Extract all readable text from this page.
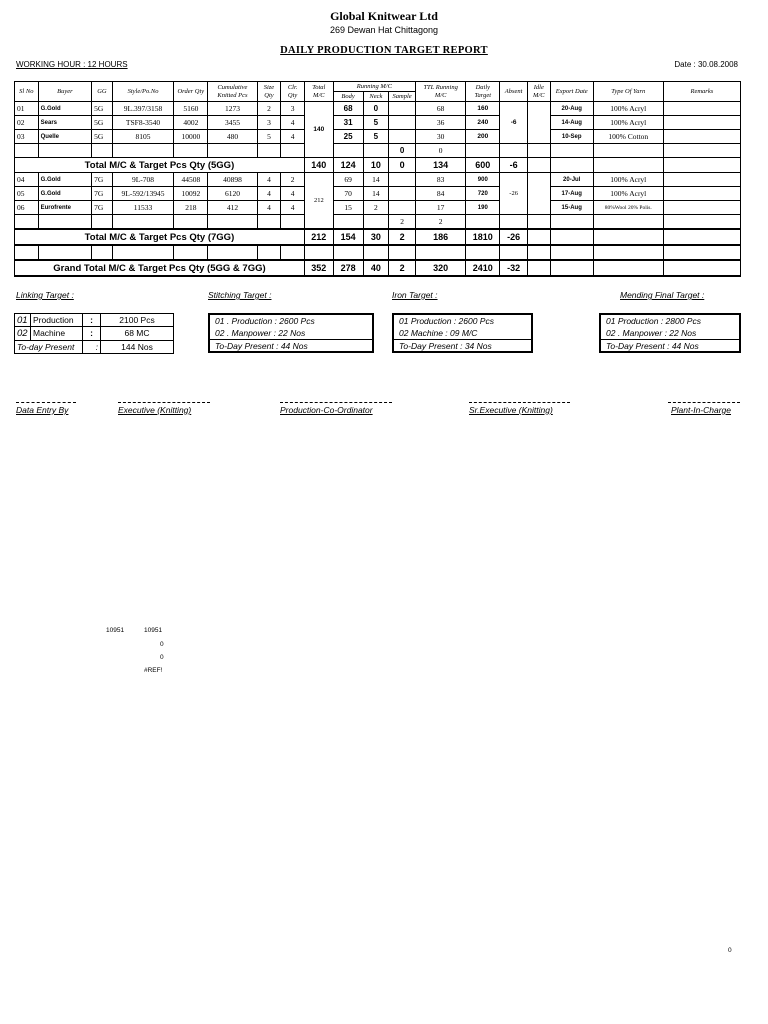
Global Knitwear Ltd
269 Dewan Hat Chittagong
DAILY PRODUCTION TARGET REPORT
WORKING HOUR : 12 HOURS	Date : 30.08.2008
Sl No	Buyer	GG	Style/Po.No	Order Qty	Cumulative Knitted Pcs	Size Qty	Clr. Qty	Total M/C	Running M/C			TTL Running M/C	Daily Target	Absent	Idle M/C	Export Date	Type Of Yarn	Remarks
									Body	Neck	Sample							
01	G.Gold	5G	9L.397/3158	5160	1273	2	3	140	68	0		68	160	-6		20-Aug	100% Acryl	
02	Sears	5G	TSF8-3540	4002	3455	3	4		31	5		36	240			14-Aug	100% Acryl	
03	Quelle	5G	8105	10000	480	5	4		25	5		30	200			10-Sep	100% Cotton	
											0	0						
Total M/C & Target Pcs Qty (5GG)								140	124	10	0	134	600	-6				
04	G.Gold	7G	9L-708	44508	40898	4	2	212	69	14		83	900	-26		20-Jul	100% Acryl	
05	G.Gold	7G	9L-592/13945	10092	6120	4	4		70	14		84	720			17-Aug	100% Acryl	
06	Eurofrente	7G	11533	218	412	4	4		15	2		17	190			15-Aug	80%Wool 20% Polis.	
											2	2						
Total M/C & Target Pcs Qty (7GG)								212	154	30	2	186	1810	-26				

Grand Total M/C & Target Pcs Qty (5GG & 7GG)								352	278	40	2	320	2410	-32				
Linking Target :	Stitching Target :	Iron Target :	Mending Final Target :
01	Production	:	2100 Pcs
02	Machine	:	68 MC
To-day Present		:	144 Nos
01 . Production : 2600 Pcs
02 . Manpower : 22 Nos
To-Day Present : 44 Nos
01 Production : 2600 Pcs
02 Machine : 09 M/C
To-Day Present : 34 Nos
01 Production : 2800 Pcs
02 . Manpower : 22 Nos
To-Day Present : 44 Nos
Data Entry By	Executive (Knitting)	Production-Co-Ordinator	Sr.Executive (Knitting)	Plant-In-Charge
10951	10951
0
0
#REF!
0
